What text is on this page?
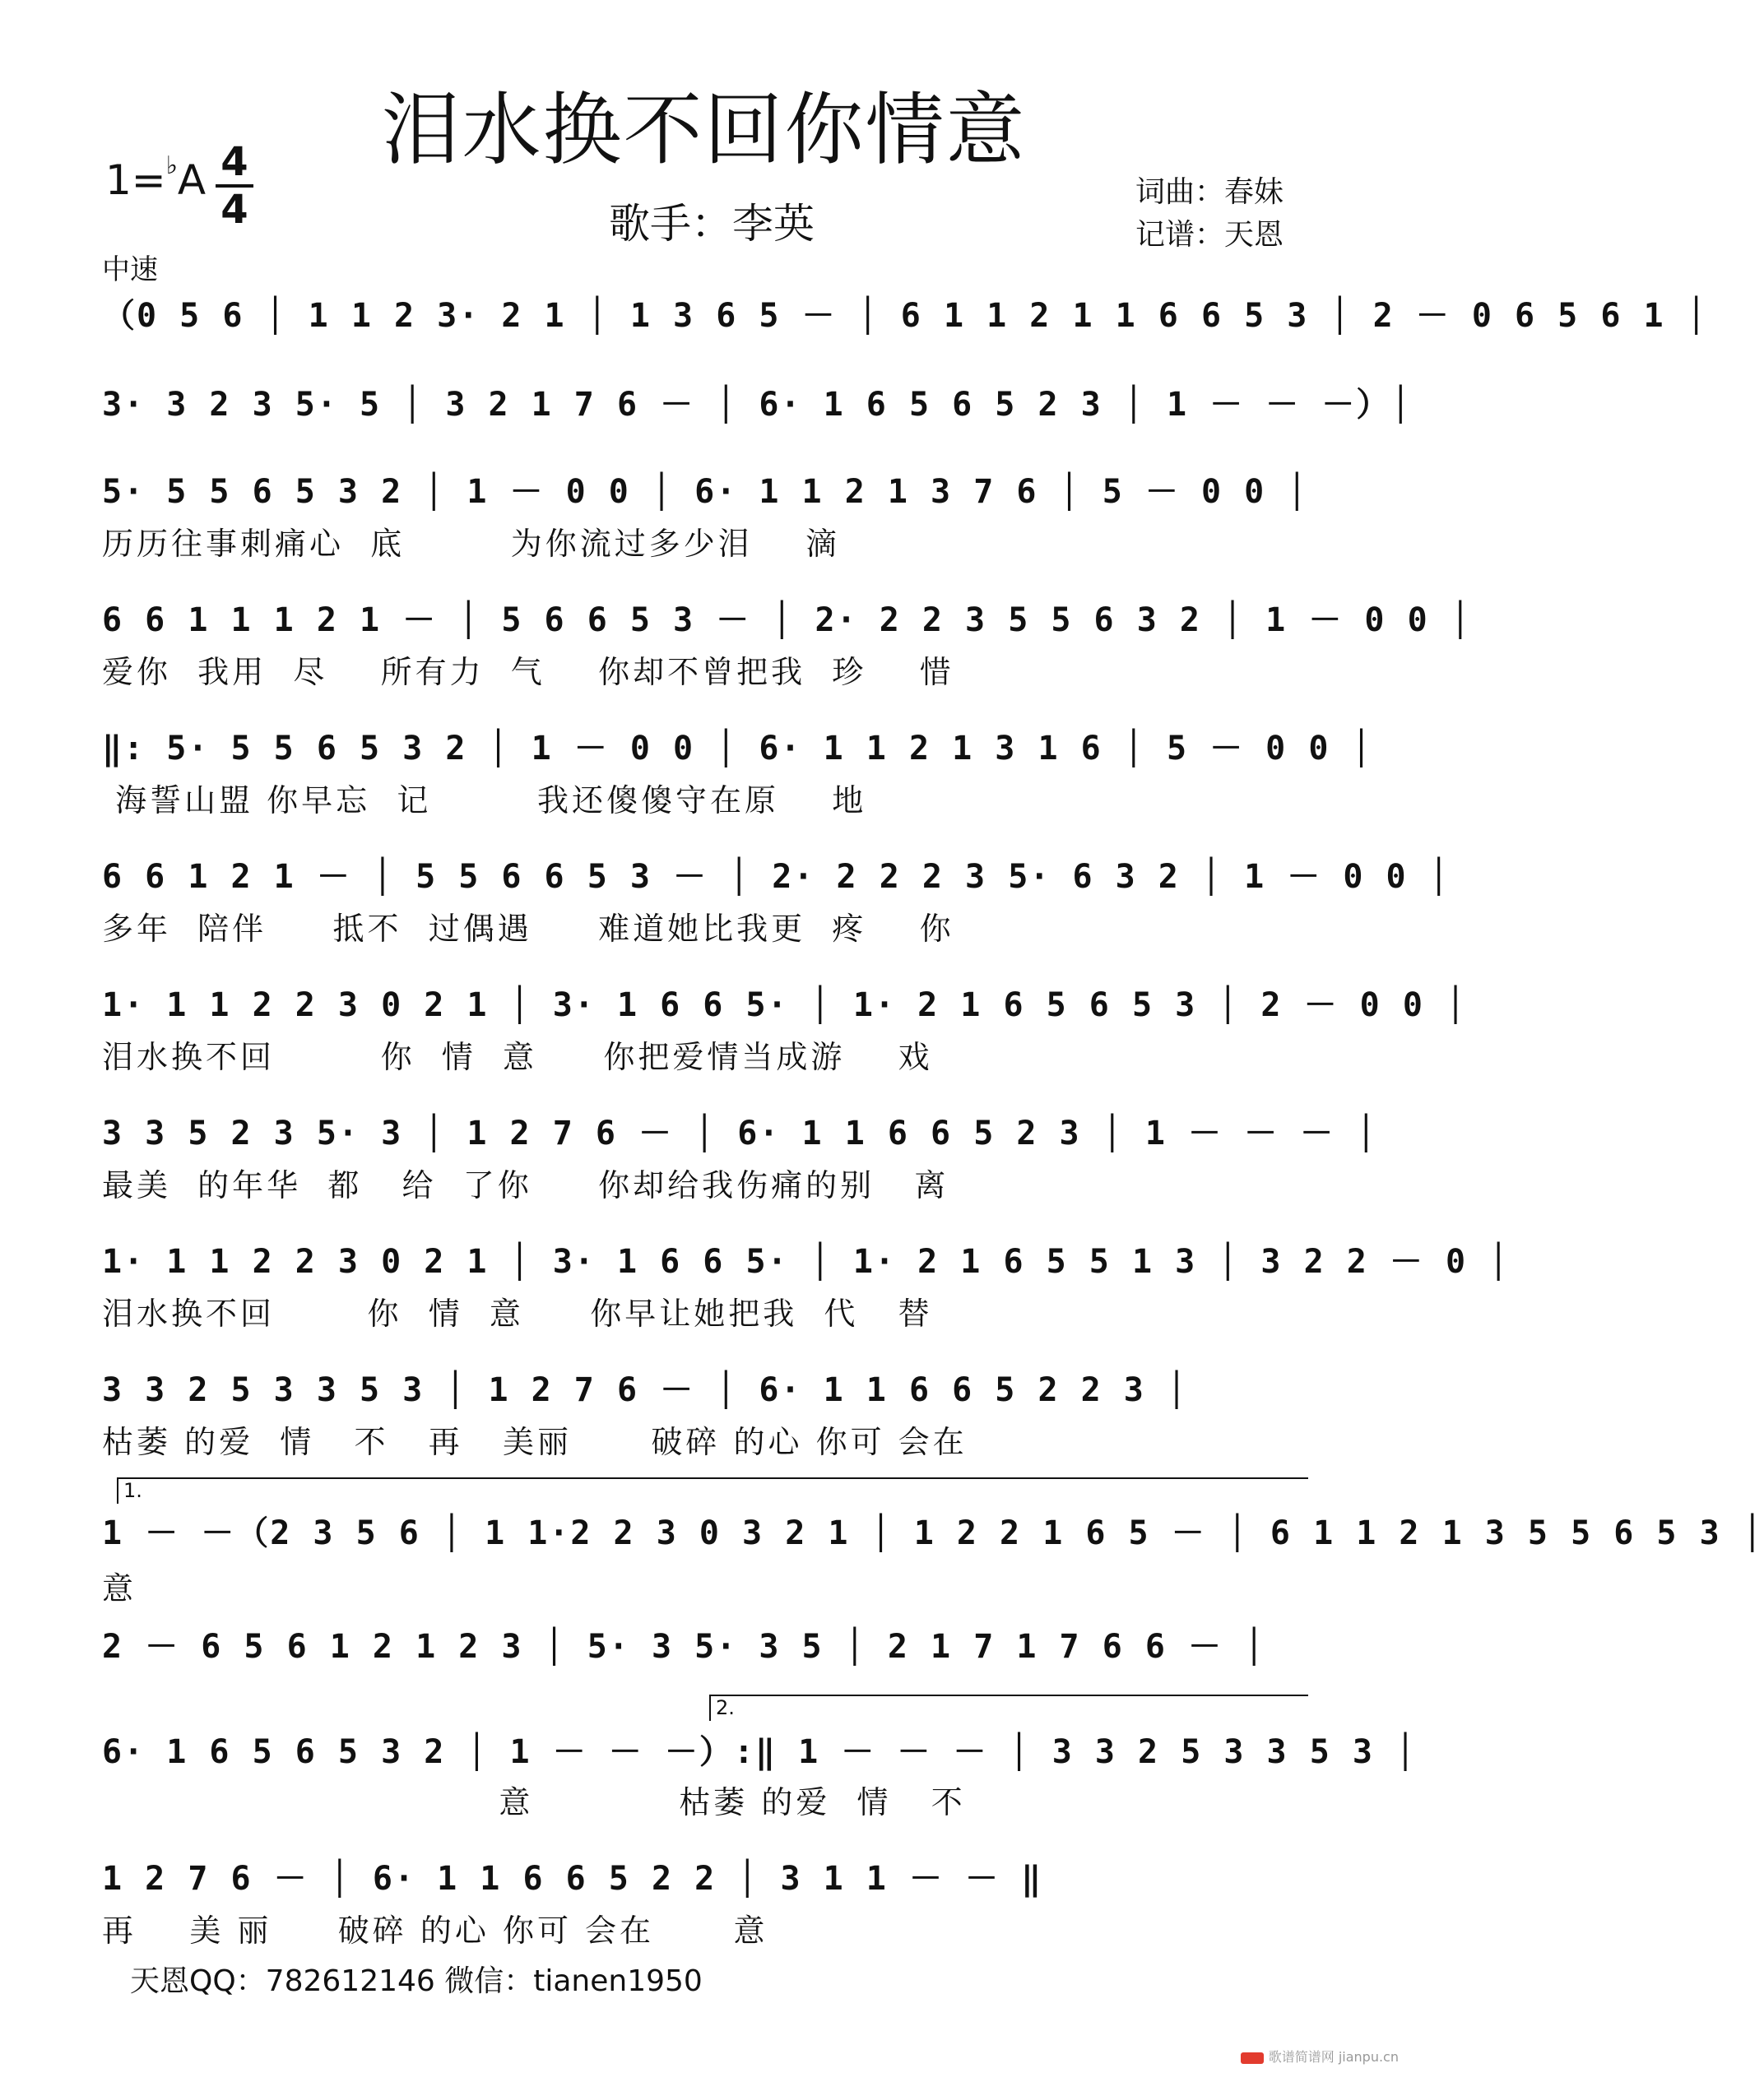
泪水换不回你情意
1=♭A 4
4	歌手：李英
词曲：春妹
记谱：天恩
中速
（0 5 6 │ 1 1 2 3· 2 1 │ 1 3 6 5 － │ 6 1 1 2 1 1 6 6 5 3 │ 2 － 0 6 5 6 1 │
3· 3 2 3 5· 5 │ 3 2 1 7 6 － │ 6· 1 6 5 6 5 2 3 │ 1 － － －）│
5· 5 5 6 5 3 2 │ 1 － 0 0 │ 6· 1 1 2 1 3 7 6 │ 5 － 0 0 │
历历往事刺痛心  底        为你流过多少泪    滴
6 6 1 1 1 2 1 － │ 5 6 6 5 3 － │ 2· 2 2 3 5 5 6 3 2 │ 1 － 0 0 │
爱你  我用  尽    所有力  气    你却不曾把我  珍    惜
‖: 5· 5 5 6 5 3 2 │ 1 － 0 0 │ 6· 1 1 2 1 3 1 6 │ 5 － 0 0 │
海誓山盟 你早忘  记        我还傻傻守在原    地
6 6 1 2 1 － │ 5 5 6 6 5 3 － │ 2· 2 2 2 3 5· 6 3 2 │ 1 － 0 0 │
多年  陪伴     抵不  过偶遇     难道她比我更  疼    你
1· 1 1 2 2 3 0 2 1 │ 3· 1 6 6 5· │ 1· 2 1 6 5 6 5 3 │ 2 － 0 0 │
泪水换不回        你  情  意     你把爱情当成游    戏
3 3 5 2 3 5· 3 │ 1 2 7 6 － │ 6· 1 1 6 6 5 2 3 │ 1 － － － │
最美  的年华  都   给  了你     你却给我伤痛的别   离
1· 1 1 2 2 3 0 2 1 │ 3· 1 6 6 5· │ 1· 2 1 6 5 5 1 3 │ 3 2 2 － 0 │
泪水换不回       你  情  意     你早让她把我  代   替
3 3 2 5 3 3 5 3 │ 1 2 7 6 － │ 6· 1 1 6 6 5 2 2 3 │
枯萎 的爱  情   不   再   美丽      破碎 的心 你可 会在
1.
1 － －（2 3 5 6 │ 1 1·2 2 3 0 3 2 1 │ 1 2 2 1 6 5 － │ 6 1 1 2 1 3 5 5 6 5 3 │
意
2 － 6 5 6 1 2 1 2 3 │ 5· 3 5· 3 5 │ 2 1 7 1 7 6 6 － │
2.
6· 1 6 5 6 5 3 2 │ 1 － － －）:‖ 1 － － － │ 3 3 2 5 3 3 5 3 │
意           枯萎 的爱  情   不
1 2 7 6 － │ 6· 1 1 6 6 5 2 2 │ 3 1 1 － － ‖
再    美 丽     破碎 的心 你可 会在      意
天恩QQ：782612146 微信：tianen1950
歌谱简谱网 jianpu.cn
